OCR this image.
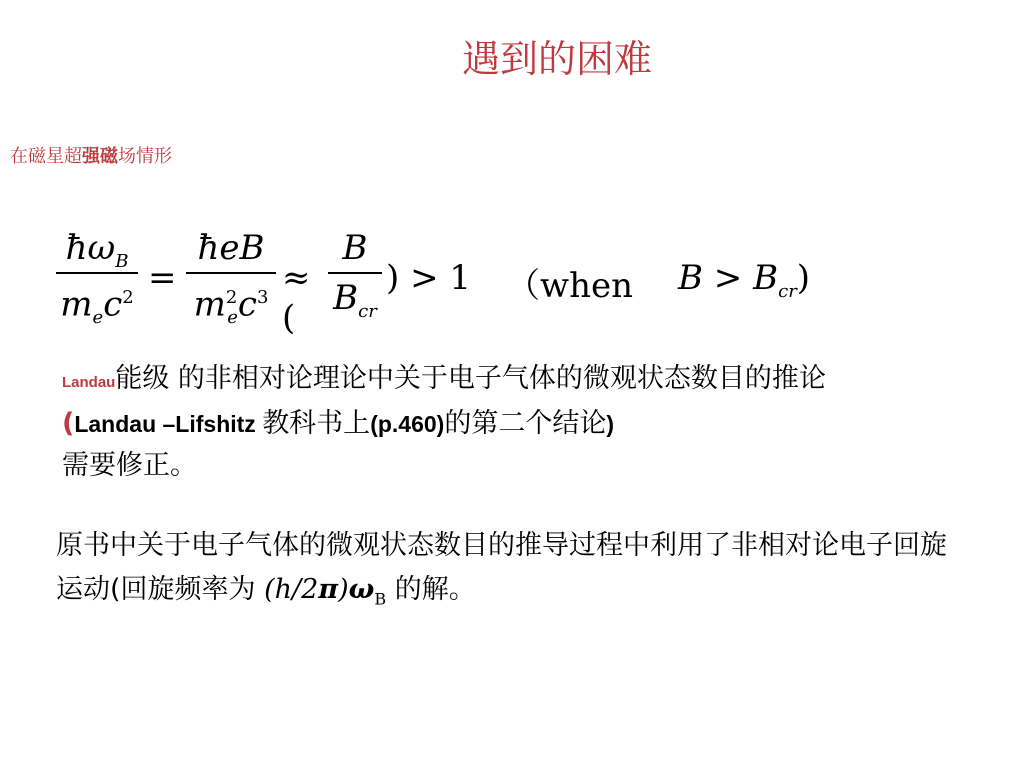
遇到的困难
在磁星超强磁场情形
$ħ\omega_B$
$m_ec^2$ =
ħeB
$m^2_ec^3$ ≈ (
B
$B_{cr}$
) > 1 （when $B > B_{cr}$)
Landau能级 的非相对论理论中关于电子气体的微观状态数目的推论(Landau –Lifshitz 教科书上(p.460)的第二个结论)
需要修正。
原书中关于电子气体的微观状态数目的推导过程中利用了非相对论电子回旋运动(回旋频率为 $(h/2\pi)\omega_B$ 的解。
